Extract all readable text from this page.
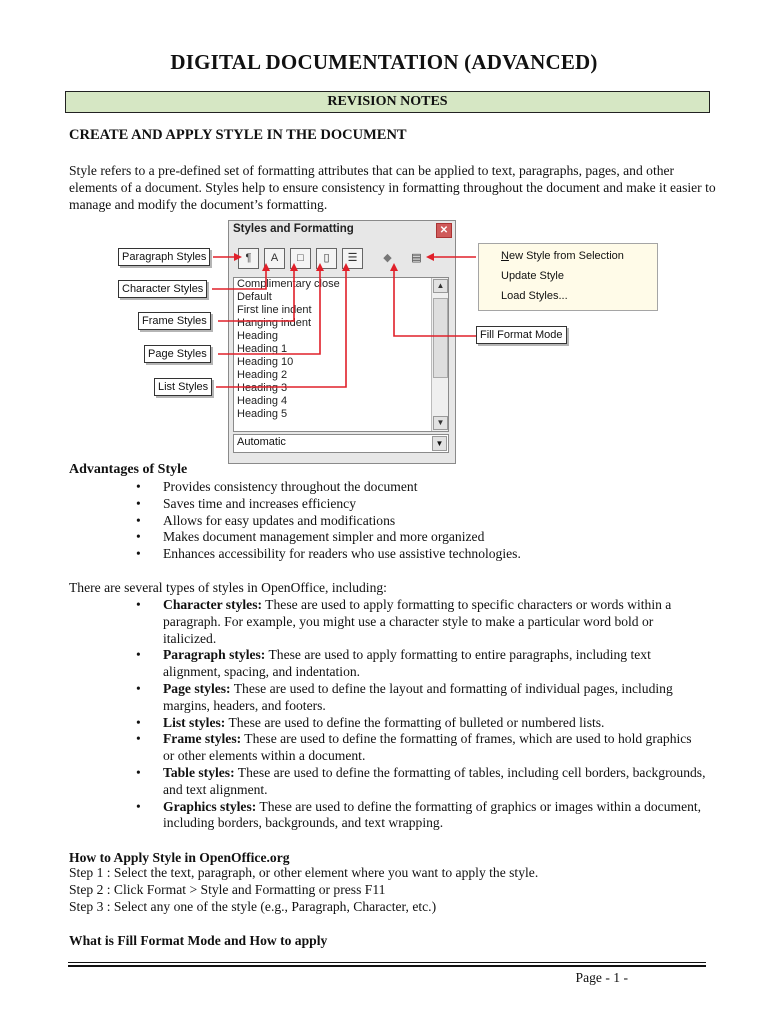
DIGITAL DOCUMENTATION (ADVANCED)
REVISION NOTES
CREATE AND APPLY STYLE IN THE DOCUMENT

Style refers to a pre-defined set of formatting attributes that can be applied to text, paragraphs, pages, and other elements of a document. Styles help to ensure consistency in formatting throughout the document and make it easier to manage and modify the document’s formatting.

Styles and Formatting	✕
¶	A	□	▯	☰	◆	▤
Complimentary close
Default
First line indent
Hanging indent
Heading
Heading 1
Heading 10
Heading 2
Heading 3
Heading 4
Heading 5
▲
▼
Automatic	▼
Paragraph Styles
Character Styles
Frame Styles
Page Styles
List Styles
Fill Format Mode
New Style from Selection
Update Style
Load Styles...
Advantages of Style
• Provides consistency throughout the document
• Saves time and increases efficiency
• Allows for easy updates and modifications
• Makes document management simpler and more organized
• Enhances accessibility for readers who use assistive technologies.
There are several types of styles in OpenOffice, including:
• Character styles: These are used to apply formatting to specific characters or words within a paragraph. For example, you might use a character style to make a particular word bold or italicized.
• Paragraph styles: These are used to apply formatting to entire paragraphs, including text alignment, spacing, and indentation.
• Page styles: These are used to define the layout and formatting of individual pages, including margins, headers, and footers.
• List styles: These are used to define the formatting of bulleted or numbered lists.
• Frame styles: These are used to define the formatting of frames, which are used to hold graphics or other elements within a document.
• Table styles: These are used to define the formatting of tables, including cell borders, backgrounds, and text alignment.
• Graphics styles: These are used to define the formatting of graphics or images within a document, including borders, backgrounds, and text wrapping.
How to Apply Style in OpenOffice.org
Step 1 : Select the text, paragraph, or other element where you want to apply the style.
Step 2 : Click Format > Style and Formatting or press F11
Step 3 : Select any one of the style (e.g., Paragraph, Character, etc.)
What is Fill Format Mode and How to apply
Page - 1 -
